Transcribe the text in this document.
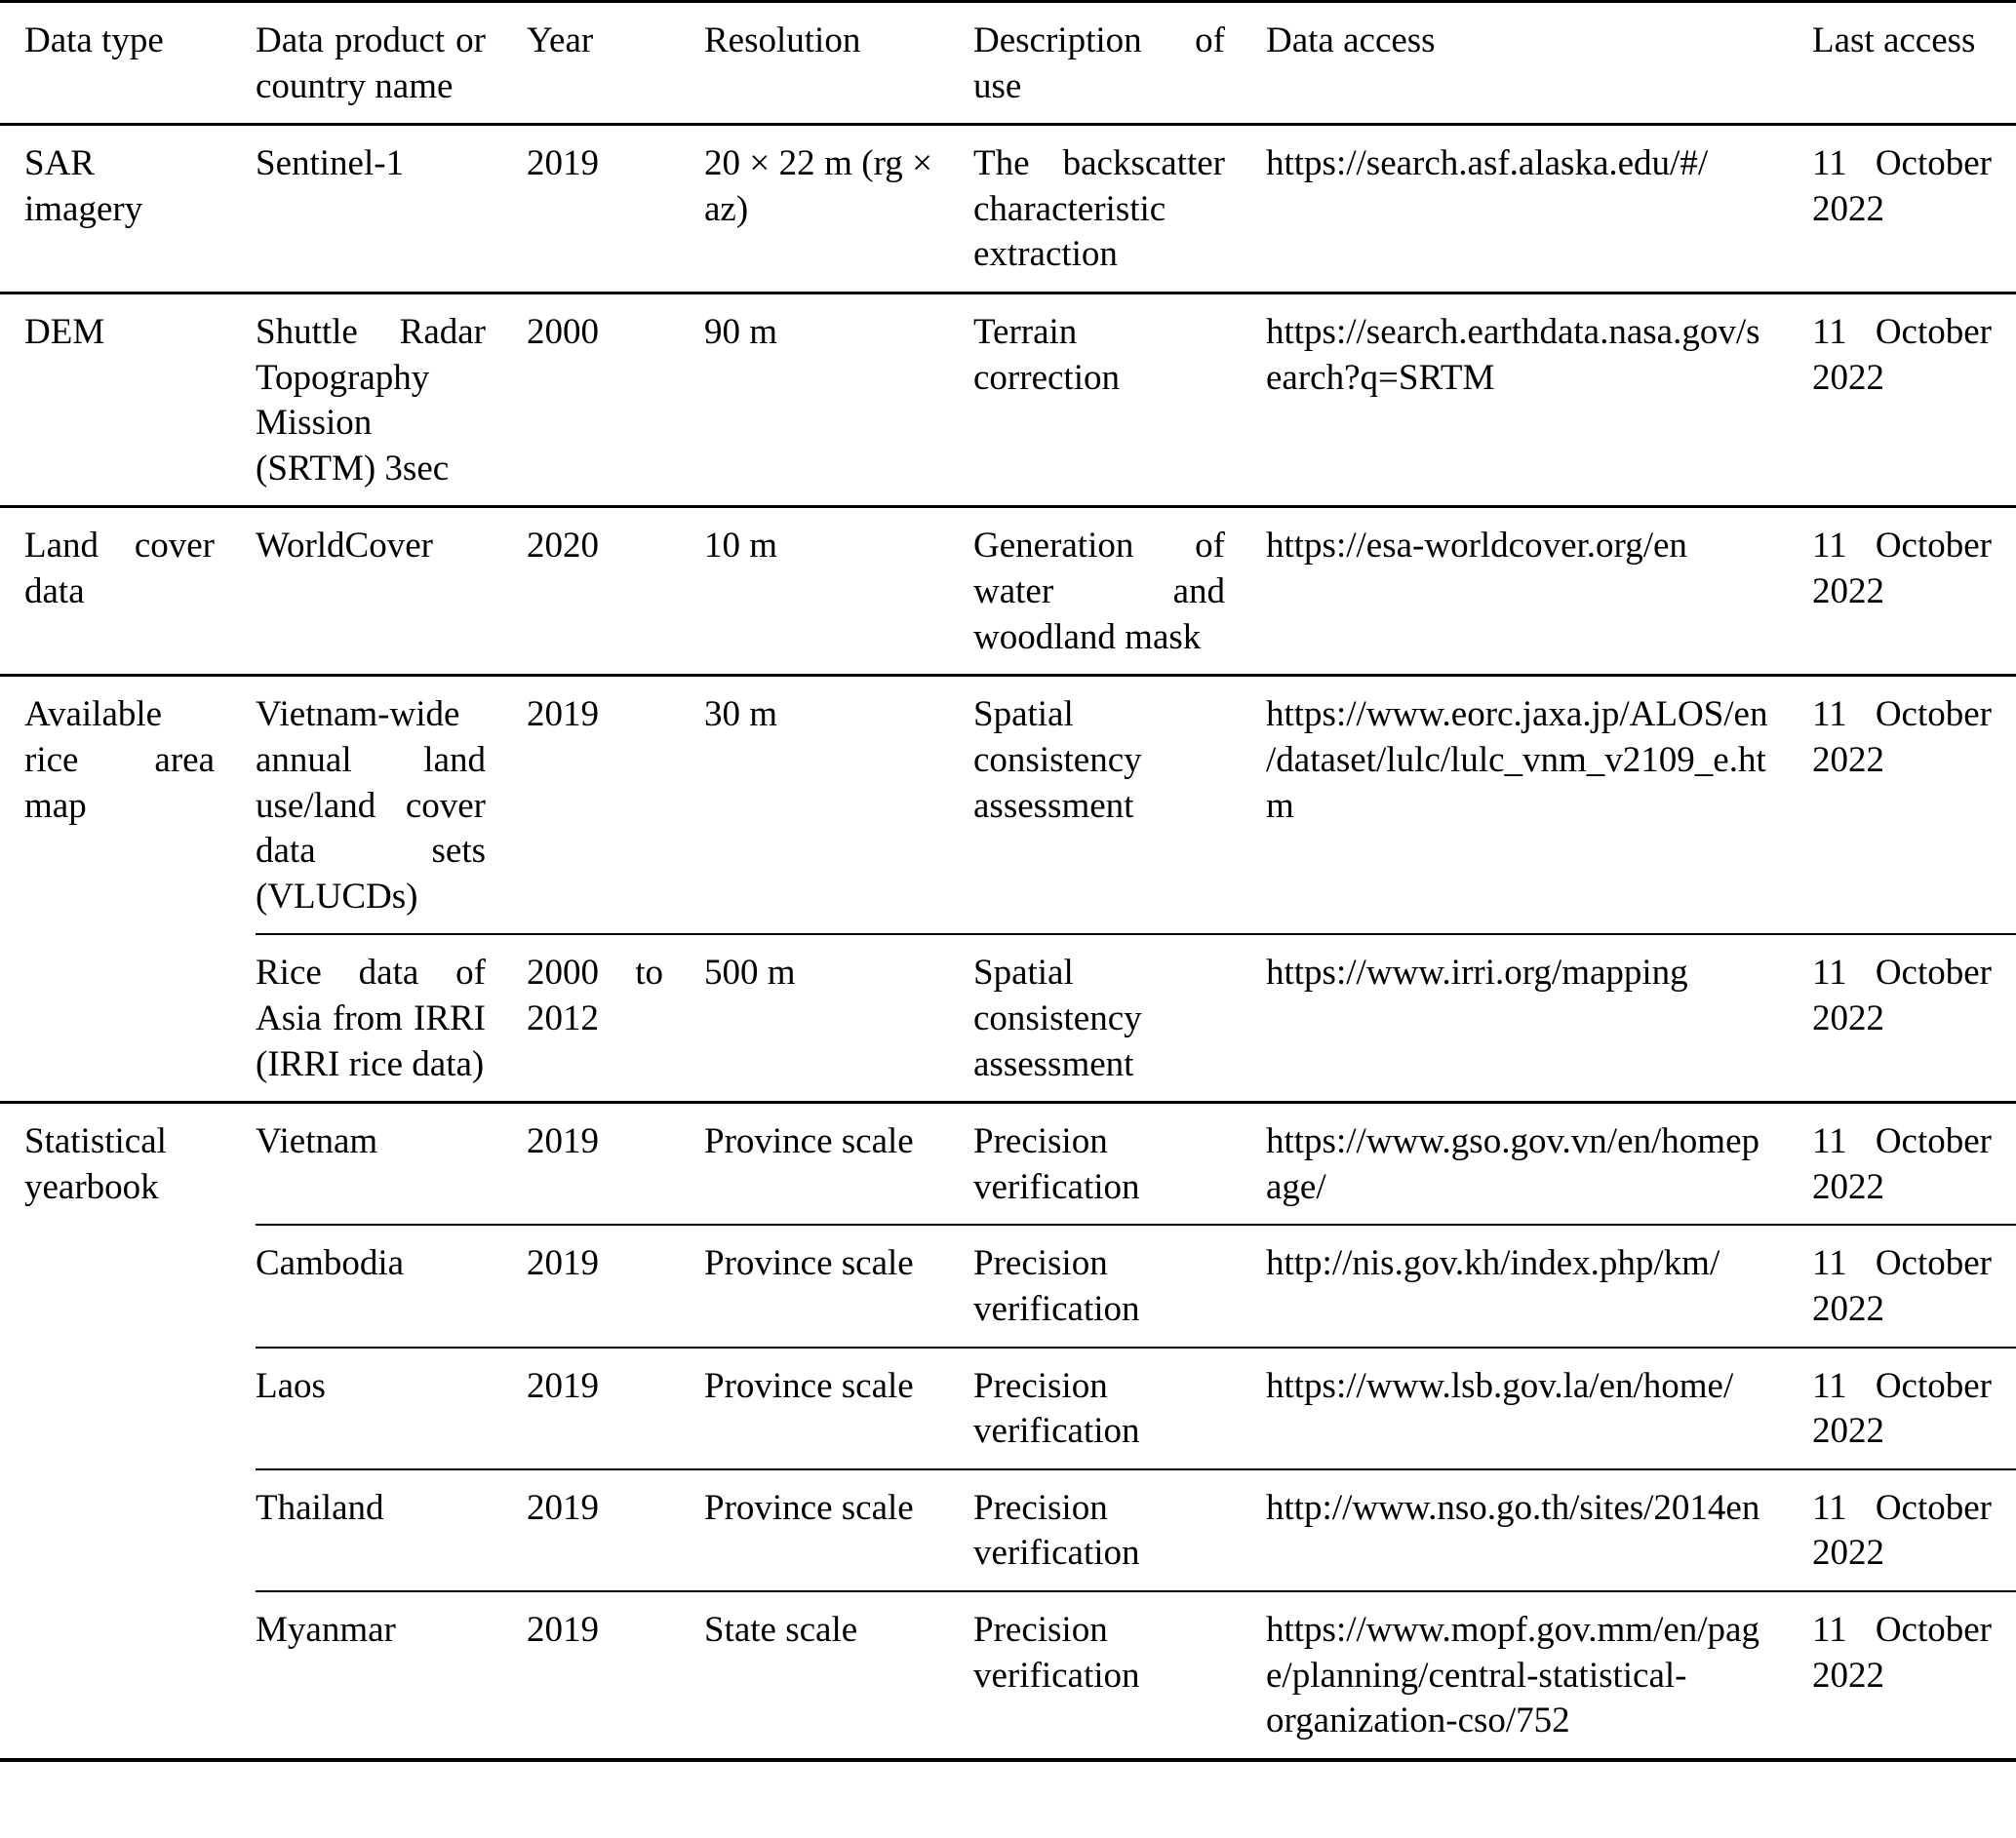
Data type	Data product or country name	Year	Resolution	Description of use	Data access	Last access
SAR imagery	Sentinel-1	2019	20 × 22 m (rg × az)	The backscatter characteristic extraction	https://search.asf.alaska.edu/#/	11 October 2022
DEM	Shuttle Radar Topography Mission (SRTM) 3sec	2000	90 m	Terrain correction	https://search.earthdata.nasa.gov/search?q=SRTM	11 October 2022
Land cover data	WorldCover	2020	10 m	Generation of water and woodland mask	https://esa-worldcover.org/en	11 October 2022
Available rice area map	Vietnam-wide annual land use/land cover data sets (VLUCDs)	2019	30 m	Spatial consistency assessment	https://www.eorc.jaxa.jp/ALOS/en/dataset/lulc/lulc_vnm_v2109_e.htm	11 October 2022
	Rice data of Asia from IRRI (IRRI rice data)	2000 to 2012	500 m	Spatial consistency assessment	https://www.irri.org/mapping	11 October 2022
Statistical yearbook	Vietnam	2019	Province scale	Precision verification	https://www.gso.gov.vn/en/homepage/	11 October 2022
	Cambodia	2019	Province scale	Precision verification	http://nis.gov.kh/index.php/km/	11 October 2022
	Laos	2019	Province scale	Precision verification	https://www.lsb.gov.la/en/home/	11 October 2022
	Thailand	2019	Province scale	Precision verification	http://www.nso.go.th/sites/2014en	11 October 2022
	Myanmar	2019	State scale	Precision verification	https://www.mopf.gov.mm/en/page/planning/central-statistical-organization-cso/752	11 October 2022
